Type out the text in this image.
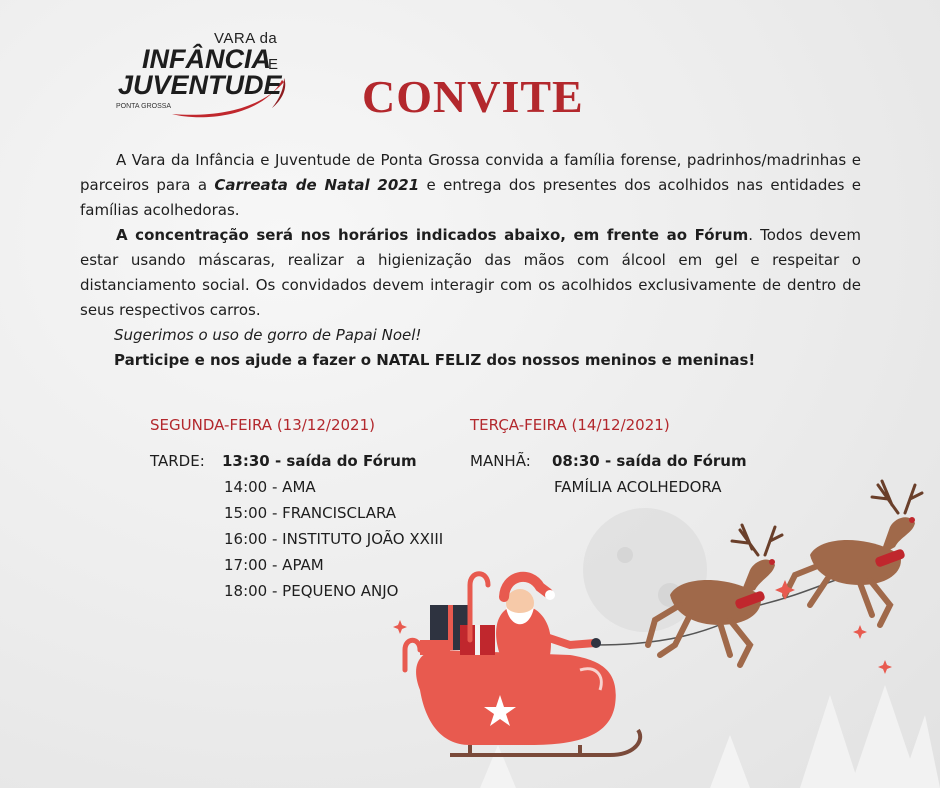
VARA da
INFÂNCIA
E
JUVENTUDE
PONTA GROSSA	CONVITE

A Vara da Infância e Juventude de Ponta Grossa convida a família forense, padrinhos/madrinhas e parceiros para a Carreata de Natal 2021 e entrega dos presentes dos acolhidos nas entidades e famílias acolhedoras.

A concentração será nos horários indicados abaixo, em frente ao Fórum. Todos devem estar usando máscaras, realizar a higienização das mãos com álcool em gel e respeitar o distanciamento social. Os convidados devem interagir com os acolhidos exclusivamente de dentro de seus respectivos carros.

Sugerimos o uso de gorro de Papai Noel!

Participe e nos ajude a fazer o NATAL FELIZ dos nossos meninos e meninas!

SEGUNDA-FEIRA (13/12/2021)
TARDE: 13:30 - saída do Fórum
14:00 - AMA
15:00 - FRANCISCLARA
16:00 - INSTITUTO JOÃO XXIII
17:00 - APAM
18:00 - PEQUENO ANJO
TERÇA-FEIRA (14/12/2021)
MANHÃ: 08:30 - saída do Fórum
FAMÍLIA ACOLHEDORA
